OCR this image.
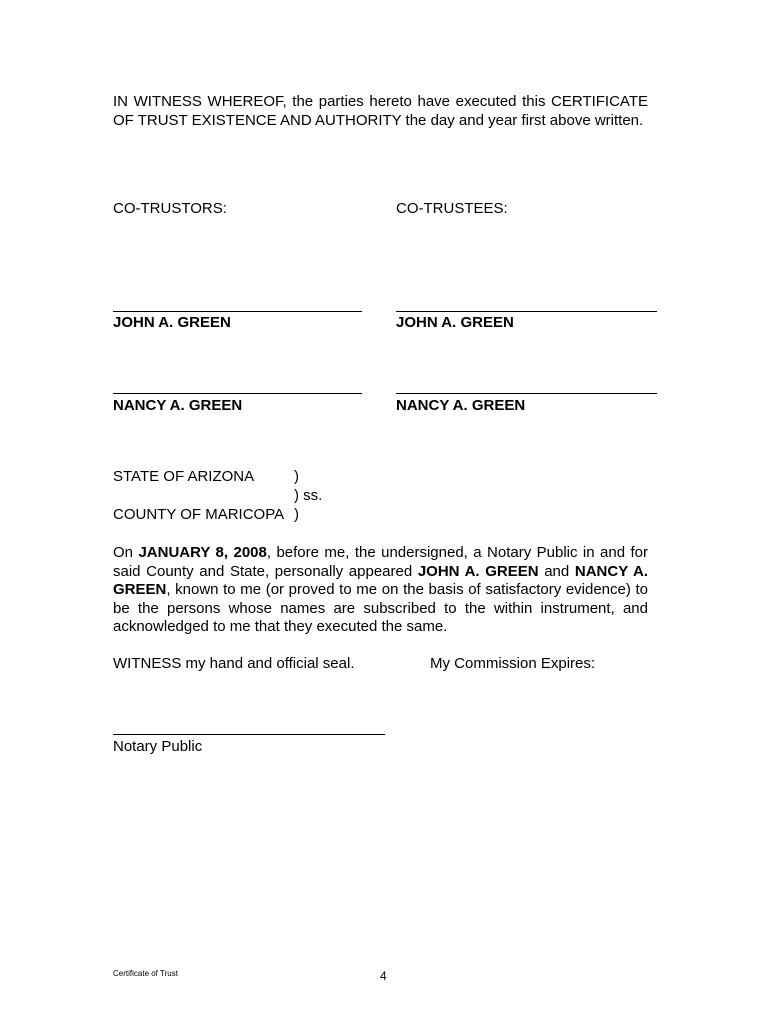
IN WITNESS WHEREOF, the parties hereto have executed this CERTIFICATE OF TRUST EXISTENCE AND AUTHORITY the day and year first above written.
CO-TRUSTORS:	CO-TRUSTEES:
JOHN A. GREEN	JOHN A. GREEN
NANCY A. GREEN	NANCY A. GREEN
STATE OF ARIZONA	)
) ss.
COUNTY OF MARICOPA )
On JANUARY 8, 2008, before me, the undersigned, a Notary Public in and for said County and State, personally appeared JOHN A. GREEN and NANCY A. GREEN, known to me (or proved to me on the basis of satisfactory evidence) to be the persons whose names are subscribed to the within instrument, and acknowledged to me that they executed the same.
WITNESS my hand and official seal.	My Commission Expires:
Notary Public
Certificate of Trust	4
